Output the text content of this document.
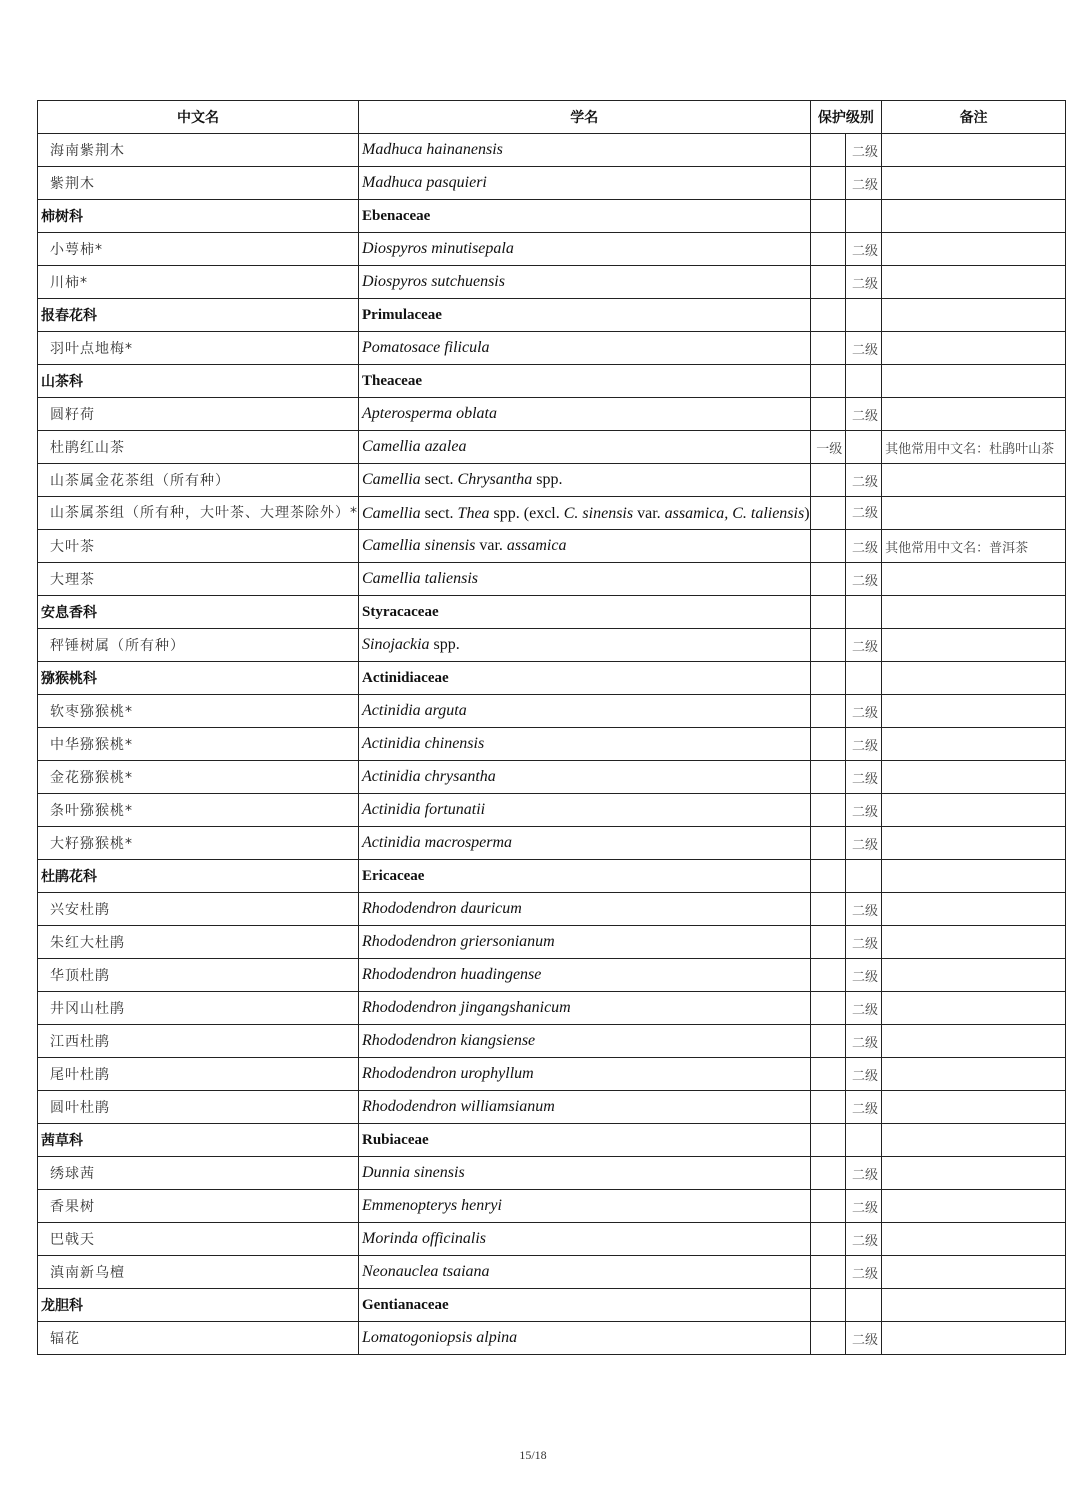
中文名	学名	保护级别		备注
海南紫荆木	Madhuca hainanensis		二级	
紫荆木	Madhuca pasquieri		二级	
柿树科	Ebenaceae			
小萼柿*	Diospyros minutisepala		二级	
川柿*	Diospyros sutchuensis		二级	
报春花科	Primulaceae			
羽叶点地梅*	Pomatosace filicula		二级	
山茶科	Theaceae			
圆籽荷	Apterosperma oblata		二级	
杜鹃红山茶	Camellia azalea	一级		其他常用中文名：杜鹃叶山茶
山茶属金花茶组（所有种）	Camellia sect. Chrysantha spp.		二级	
山茶属茶组（所有种，大叶茶、大理茶除外）*	Camellia sect. Thea spp. (excl. C. sinensis var. assamica, C. taliensis)		二级	
大叶茶	Camellia sinensis var. assamica		二级	其他常用中文名：普洱茶
大理茶	Camellia taliensis		二级	
安息香科	Styracaceae			
秤锤树属（所有种）	Sinojackia spp.		二级	
猕猴桃科	Actinidiaceae			
软枣猕猴桃*	Actinidia arguta		二级	
中华猕猴桃*	Actinidia chinensis		二级	
金花猕猴桃*	Actinidia chrysantha		二级	
条叶猕猴桃*	Actinidia fortunatii		二级	
大籽猕猴桃*	Actinidia macrosperma		二级	
杜鹃花科	Ericaceae			
兴安杜鹃	Rhododendron dauricum		二级	
朱红大杜鹃	Rhododendron griersonianum		二级	
华顶杜鹃	Rhododendron huadingense		二级	
井冈山杜鹃	Rhododendron jingangshanicum		二级	
江西杜鹃	Rhododendron kiangsiense		二级	
尾叶杜鹃	Rhododendron urophyllum		二级	
圆叶杜鹃	Rhododendron williamsianum		二级	
茜草科	Rubiaceae			
绣球茜	Dunnia sinensis		二级	
香果树	Emmenopterys henryi		二级	
巴戟天	Morinda officinalis		二级	
滇南新乌檀	Neonauclea tsaiana		二级	
龙胆科	Gentianaceae			
辐花	Lomatogoniopsis alpina		二级	
15/18
